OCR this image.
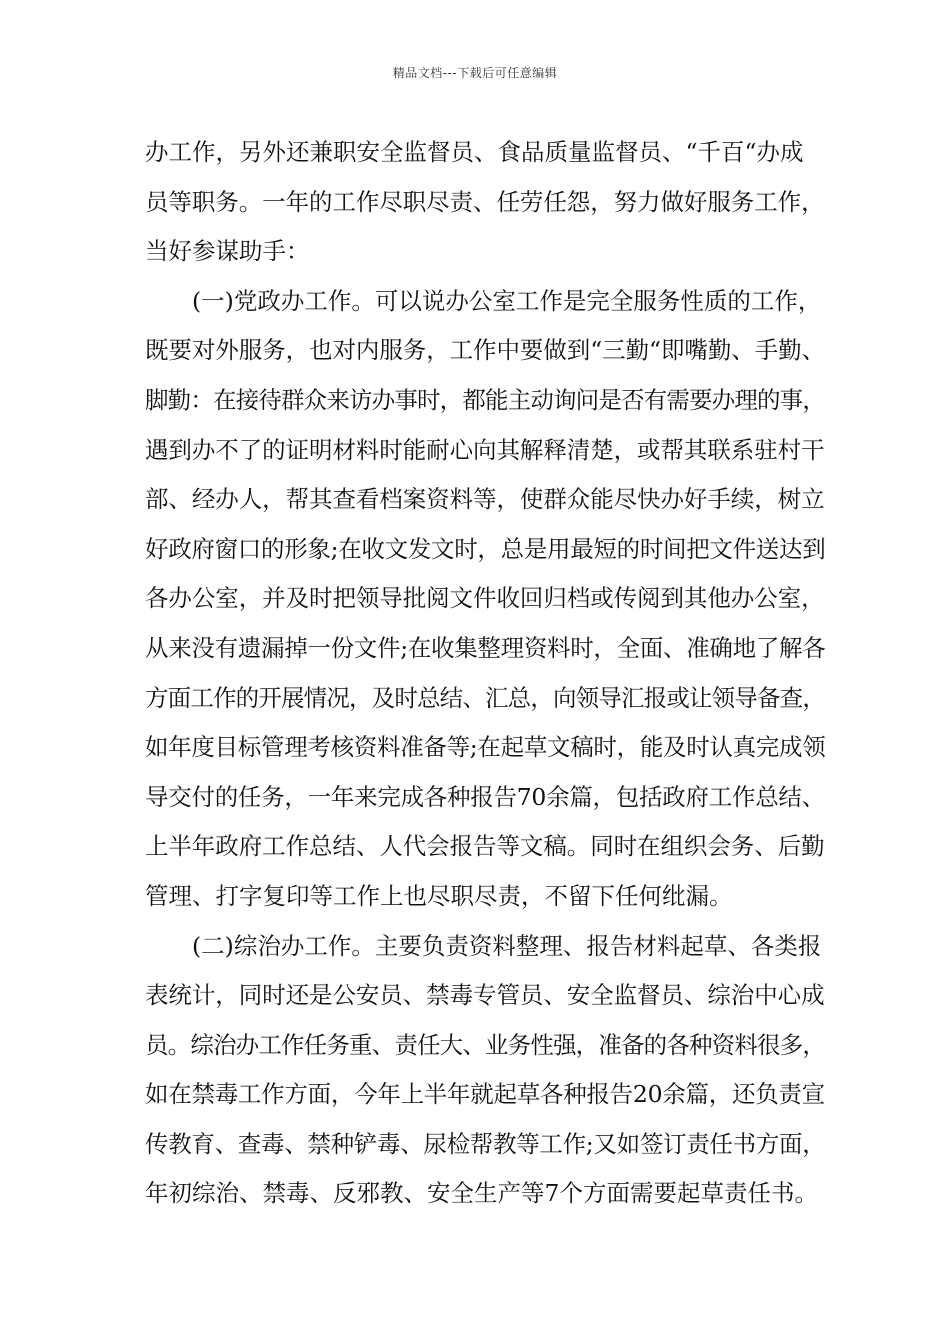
精品文档---下载后可任意编辑
办工作，另外还兼职安全监督员、食品质量监督员、“千百“办成
员等职务。一年的工作尽职尽责、任劳任怨，努力做好服务工作，
当好参谋助手：
(一)党政办工作。可以说办公室工作是完全服务性质的工作，
既要对外服务，也对内服务，工作中要做到“三勤“即嘴勤、手勤、
脚勤：在接待群众来访办事时，都能主动询问是否有需要办理的事，
遇到办不了的证明材料时能耐心向其解释清楚，或帮其联系驻村干
部、经办人，帮其查看档案资料等，使群众能尽快办好手续，树立
好政府窗口的形象;在收文发文时，总是用最短的时间把文件送达到
各办公室，并及时把领导批阅文件收回归档或传阅到其他办公室，
从来没有遗漏掉一份文件;在收集整理资料时，全面、准确地了解各
方面工作的开展情况，及时总结、汇总，向领导汇报或让领导备查，
如年度目标管理考核资料准备等;在起草文稿时，能及时认真完成领
导交付的任务，一年来完成各种报告70余篇，包括政府工作总结、
上半年政府工作总结、人代会报告等文稿。同时在组织会务、后勤
管理、打字复印等工作上也尽职尽责，不留下任何纰漏。
(二)综治办工作。主要负责资料整理、报告材料起草、各类报
表统计，同时还是公安员、禁毒专管员、安全监督员、综治中心成
员。综治办工作任务重、责任大、业务性强，准备的各种资料很多，
如在禁毒工作方面，今年上半年就起草各种报告20余篇，还负责宣
传教育、查毒、禁种铲毒、尿检帮教等工作;又如签订责任书方面，
年初综治、禁毒、反邪教、安全生产等7个方面需要起草责任书。
